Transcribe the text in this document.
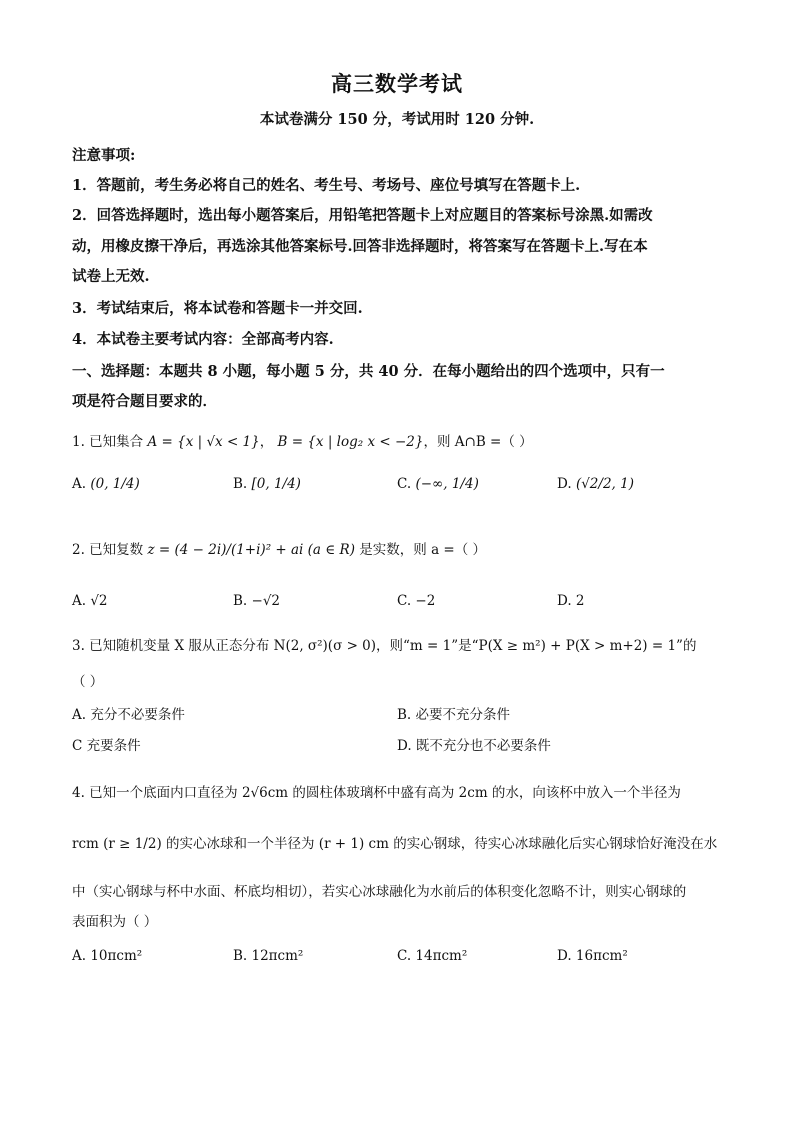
高三数学考试
本试卷满分 150 分，考试用时 120 分钟.
注意事项:
1．答题前，考生务必将自己的姓名、考生号、考场号、座位号填写在答题卡上.
2．回答选择题时，选出每小题答案后，用铅笔把答题卡上对应题目的答案标号涂黑.如需改
动，用橡皮擦干净后，再选涂其他答案标号.回答非选择题时，将答案写在答题卡上.写在本
试卷上无效.
3．考试结束后，将本试卷和答题卡一并交回.
4．本试卷主要考试内容：全部高考内容.
一、选择题：本题共 8 小题，每小题 5 分，共 40 分．在每小题给出的四个选项中，只有一
项是符合题目要求的．
1. 已知集合 A = {x | √x < 1}， B = {x | log₂ x < −2}，则 A∩B =（ ）
A. (0, 1/4)	B. [0, 1/4)	C. (−∞, 1/4)	D. (√2/2, 1)
2. 已知复数 z = (4 − 2i)/(1+i)² + ai (a ∈ R) 是实数，则 a =（ ）
A. √2	B. −√2	C. −2	D. 2
3. 已知随机变量 X 服从正态分布 N(2, σ²)(σ > 0)，则“m = 1”是“P(X ≥ m²) + P(X > m+2) = 1”的
（ ）
A. 充分不必要条件	B. 必要不充分条件
C 充要条件	D. 既不充分也不必要条件
4. 已知一个底面内口直径为 2√6cm 的圆柱体玻璃杯中盛有高为 2cm 的水，向该杯中放入一个半径为
rcm (r ≥ 1/2) 的实心冰球和一个半径为 (r + 1) cm 的实心钢球，待实心冰球融化后实心钢球恰好淹没在水
中（实心钢球与杯中水面、杯底均相切），若实心冰球融化为水前后的体积变化忽略不计，则实心钢球的
表面积为（ ）
A. 10πcm²	B. 12πcm²	C. 14πcm²	D. 16πcm²
